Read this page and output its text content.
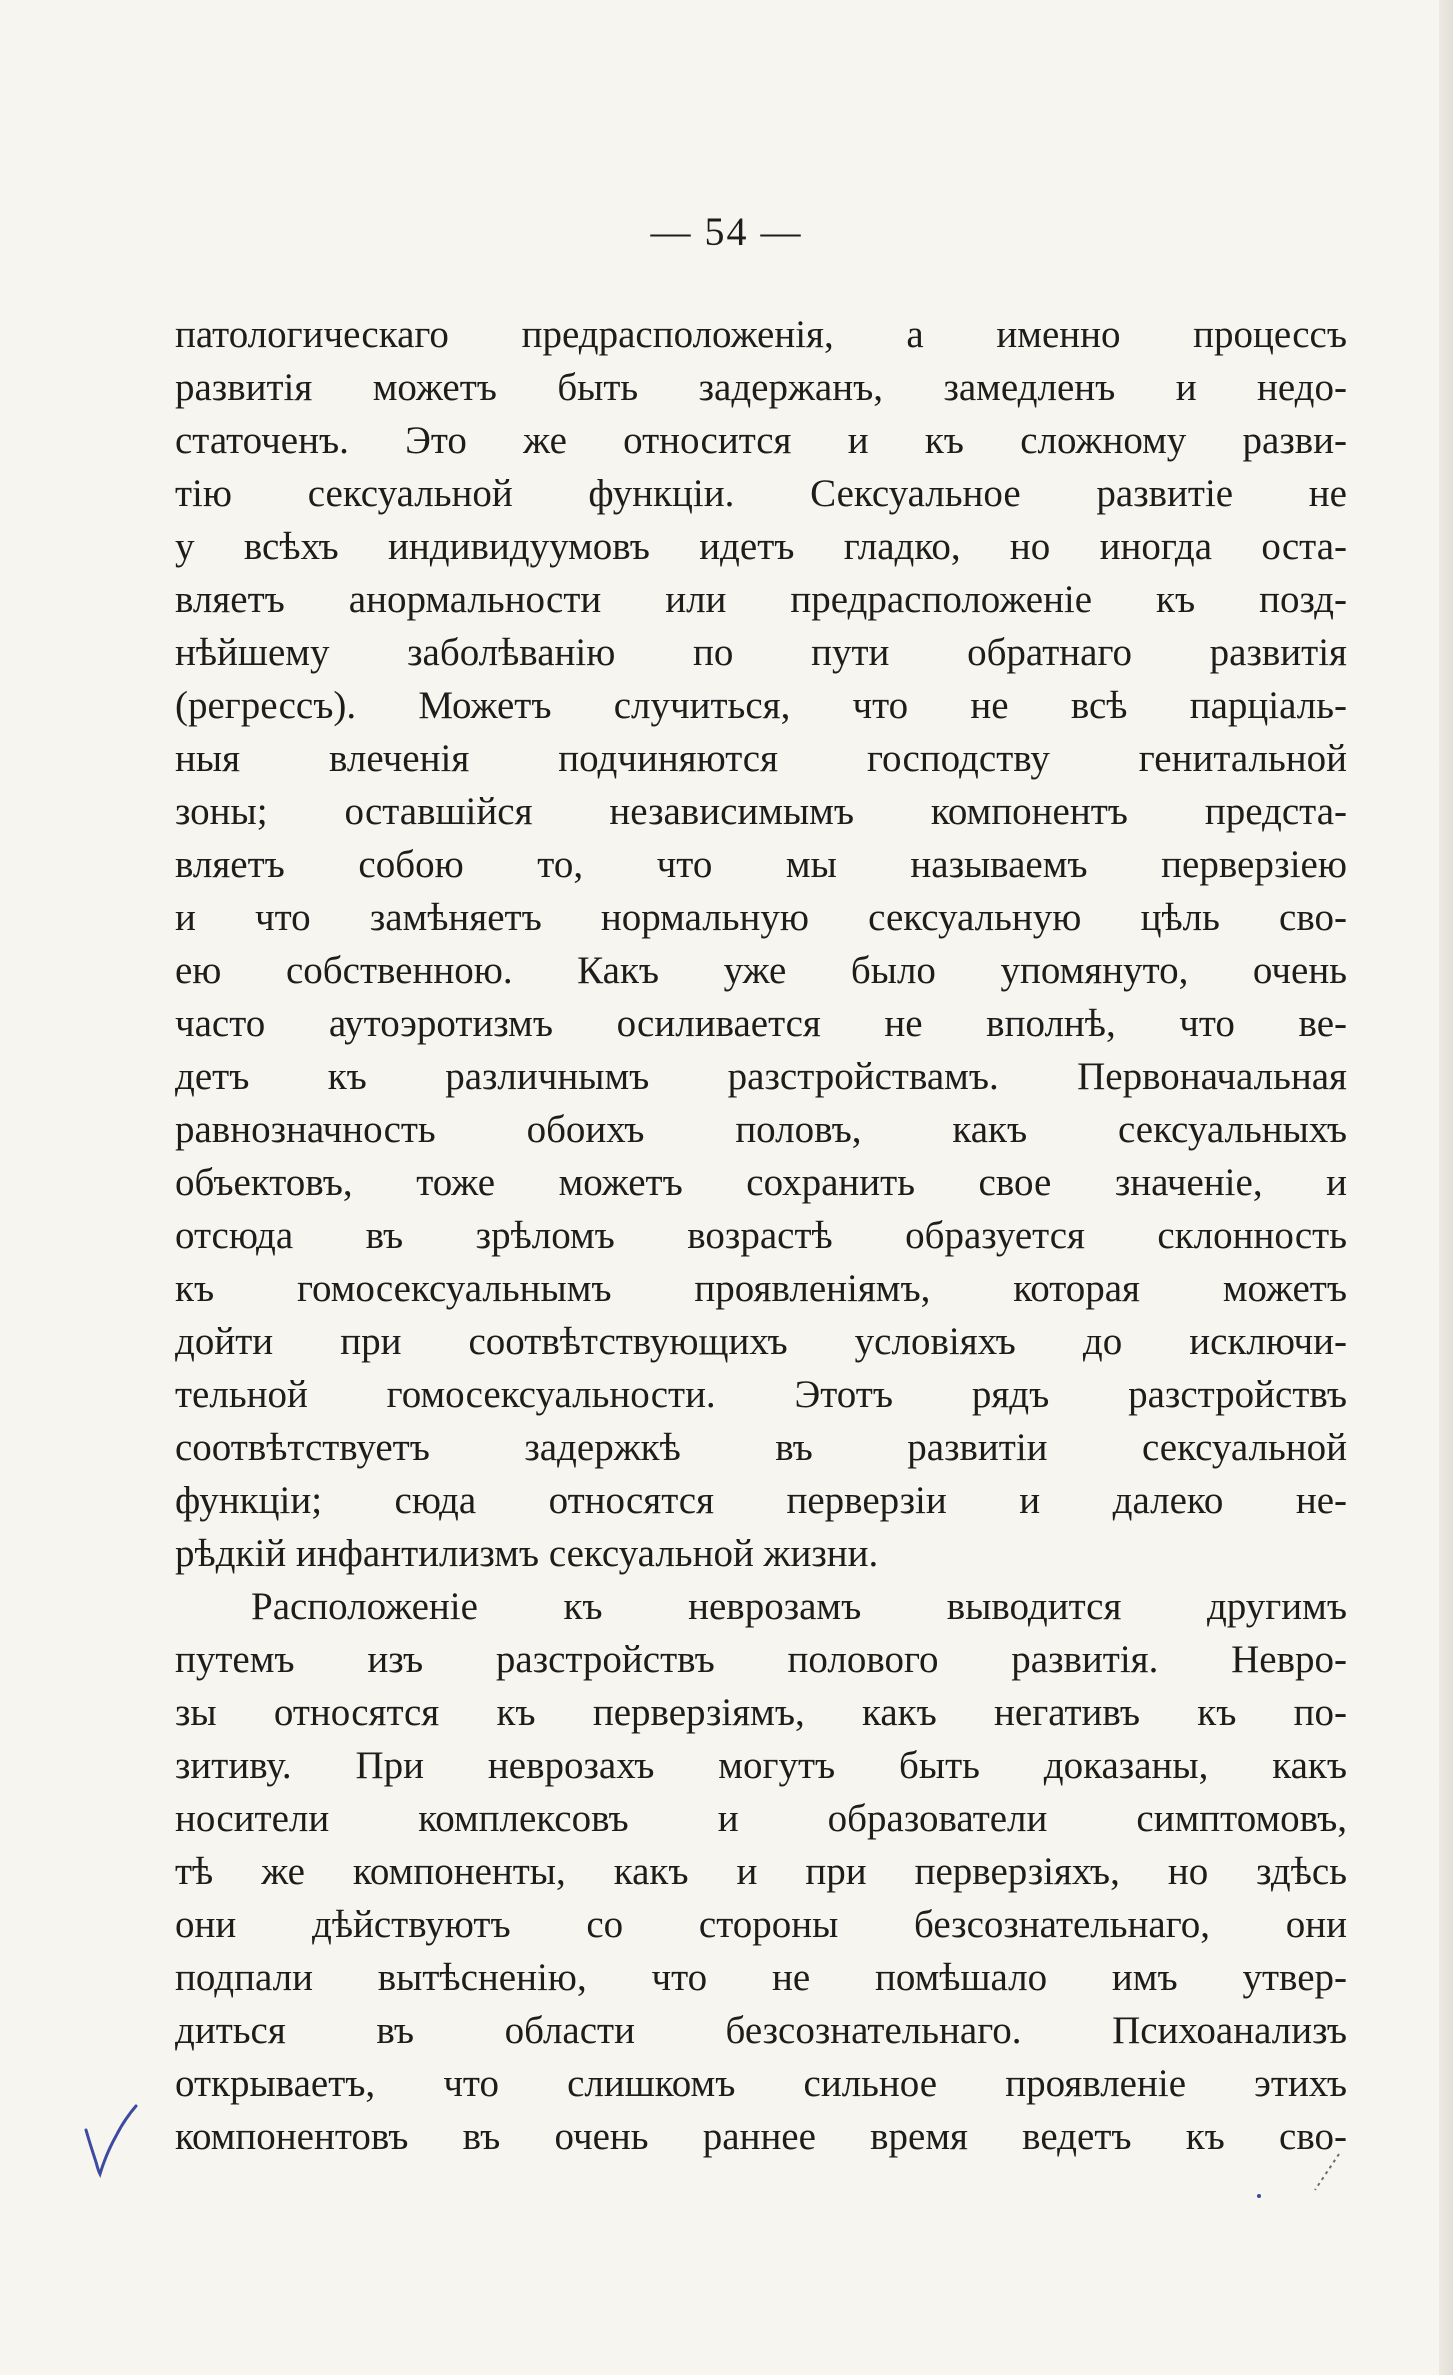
— 54 —
патологическаго предрасположенія, а именно процессъ
развитія можетъ быть задержанъ, замедленъ и недо-
статоченъ. Это же относится и къ сложному разви-
тію сексуальной функціи. Сексуальное развитіе не
у всѣхъ индивидуумовъ идетъ гладко, но иногда оста-
вляетъ анормальности или предрасположеніе къ позд-
нѣйшему заболѣванію по пути обратнаго развитія
(регрессъ). Можетъ случиться, что не всѣ парціаль-
ныя влеченія подчиняются господству генитальной
зоны; оставшійся независимымъ компонентъ предста-
вляетъ собою то, что мы называемъ перверзіею
и что замѣняетъ нормальную сексуальную цѣль сво-
ею собственною. Какъ уже было упомянуто, очень
часто аутоэротизмъ осиливается не вполнѣ, что ве-
детъ къ различнымъ разстройствамъ. Первоначальная
равнозначность обоихъ половъ, какъ сексуальныхъ
объектовъ, тоже можетъ сохранить свое значеніе, и
отсюда въ зрѣломъ возрастѣ образуется склонность
къ гомосексуальнымъ проявленіямъ, которая можетъ
дойти при соотвѣтствующихъ условіяхъ до исключи-
тельной гомосексуальности. Этотъ рядъ разстройствъ
соотвѣтствуетъ задержкѣ въ развитіи сексуальной
функціи; сюда относятся перверзіи и далеко не-
рѣдкій инфантилизмъ сексуальной жизни.
Расположеніе къ неврозамъ выводится другимъ
путемъ изъ разстройствъ полового развитія. Невро-
зы относятся къ перверзіямъ, какъ негативъ къ по-
зитиву. При неврозахъ могутъ быть доказаны, какъ
носители комплексовъ и образователи симптомовъ,
тѣ же компоненты, какъ и при перверзіяхъ, но здѣсь
они дѣйствуютъ со стороны безсознательнаго, они
подпали вытѣсненію, что не помѣшало имъ утвер-
диться въ области безсознательнаго. Психоанализъ
открываетъ, что слишкомъ сильное проявленіе этихъ
компонентовъ въ очень раннее время ведетъ къ сво-
